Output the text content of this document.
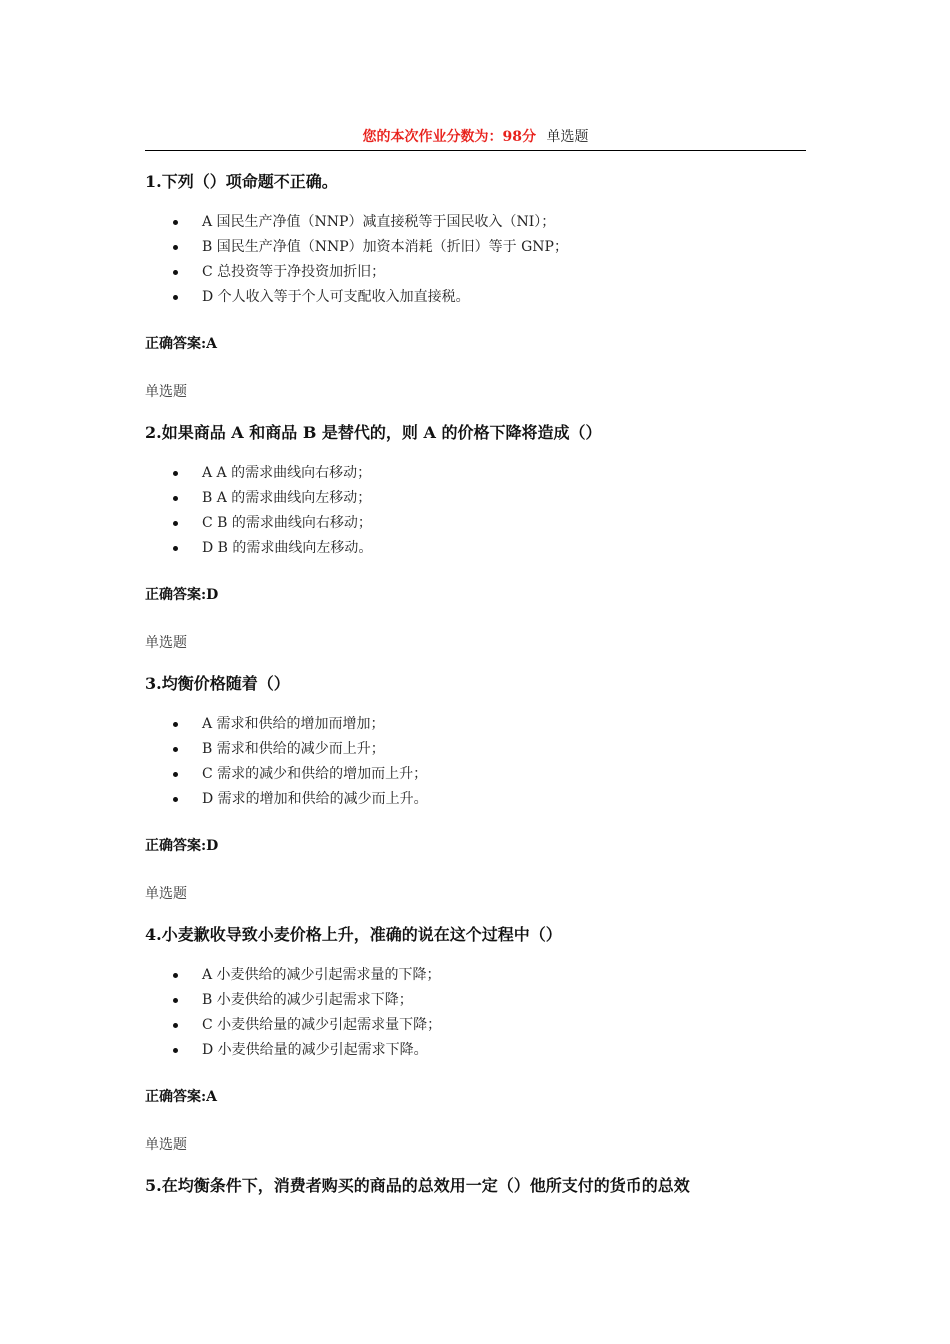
您的本次作业分数为：98分 单选题

1.下列（）项命题不正确。

A 国民生产净值（NNP）减直接税等于国民收入（NI）；
B 国民生产净值（NNP）加资本消耗（折旧）等于 GNP；
C 总投资等于净投资加折旧；
D 个人收入等于个人可支配收入加直接税。

正确答案:A

单选题

2.如果商品 A 和商品 B 是替代的，则 A 的价格下降将造成（）

A A 的需求曲线向右移动；
B A 的需求曲线向左移动；
C B 的需求曲线向右移动；
D B 的需求曲线向左移动。

正确答案:D

单选题

3.均衡价格随着（）

A 需求和供给的增加而增加；
B 需求和供给的减少而上升；
C 需求的减少和供给的增加而上升；
D 需求的增加和供给的减少而上升。

正确答案:D

单选题

4.小麦歉收导致小麦价格上升，准确的说在这个过程中（）

A 小麦供给的减少引起需求量的下降；
B 小麦供给的减少引起需求下降；
C 小麦供给量的减少引起需求量下降；
D 小麦供给量的减少引起需求下降。

正确答案:A

单选题

5.在均衡条件下，消费者购买的商品的总效用一定（）他所支付的货币的总效
